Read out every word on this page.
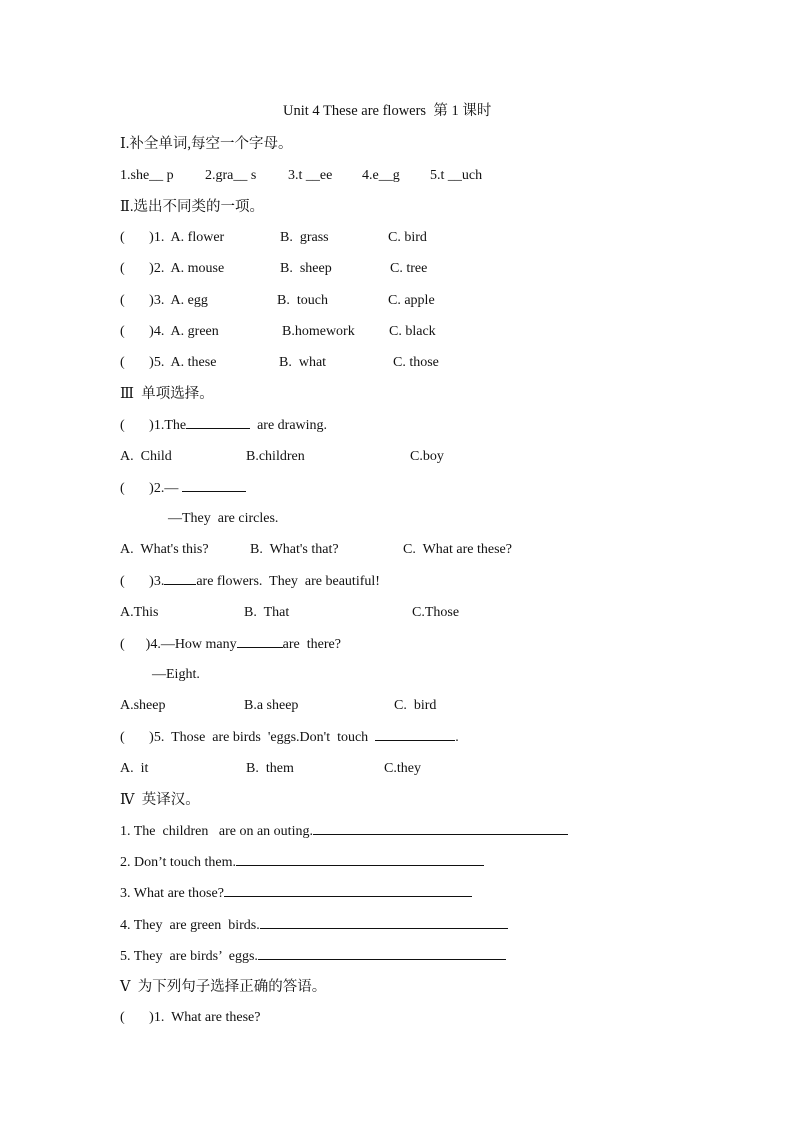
Unit 4 These are flowers  第 1 课时
Ⅰ.补全单词,每空一个字母。
1.she__ p 2.gra__ s 3.t __ee 4.e__g 5.t __uch
Ⅱ.选出不同类的一项。
(       )1.  A. flower	B.  grass	C. bird
(       )2.  A. mouse	B.  sheep	C. tree
(       )3.  A. egg	B.  touch	C. apple
(       )4.  A. green	B.homework C. black
(       )5.  A. these	B.  what	C. those
Ⅲ  单项选择。
(       )1.The	are drawing.
A.  Child	B.children	C.boy
(       )2.—
—They  are circles.
A.  What's this?	B.  What's that?	C.  What are these?
(       )3. are flowers.  They  are beautiful!
A.This	B.  That	C.Those
(      )4.—How many	are  there?
—Eight.
A.sheep	B.a sheep	C.  bird
(       )5.  Those  are birds  'eggs.Don't  touch	.
A.  it	B.  them	C.they
Ⅳ  英译汉。
1. The  children   are on an outing.
2. Don’t touch them.
3. What are those?
4. They  are green  birds.
5. They  are birds’  eggs.
Ⅴ  为下列句子选择正确的答语。
(       )1.  What are these?
